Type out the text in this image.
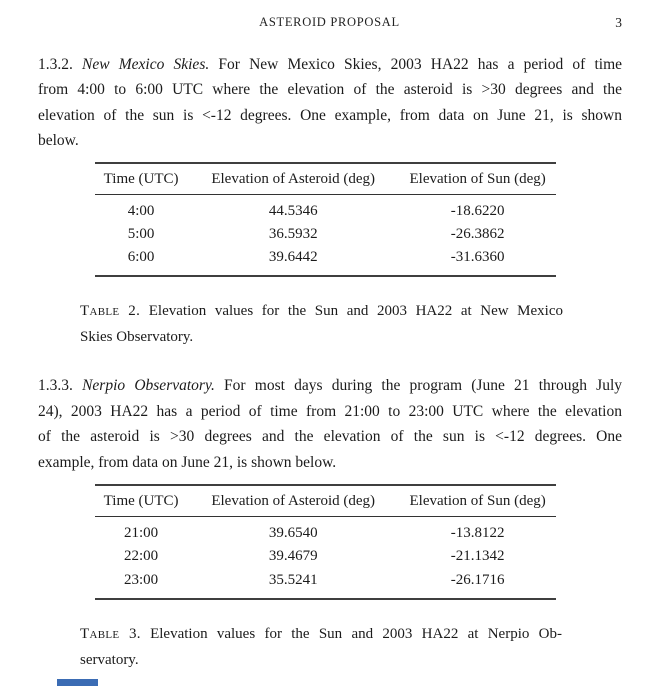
ASTEROID PROPOSAL	3
1.3.2. New Mexico Skies. For New Mexico Skies, 2003 HA22 has a period of time
from 4:00 to 6:00 UTC where the elevation of the asteroid is >30 degrees and the
elevation of the sun is <-12 degrees. One example, from data on June 21, is shown
below.
Time (UTC)	Elevation of Asteroid (deg)	Elevation of Sun (deg)
4:00	44.5346	-18.6220
5:00	36.5932	-26.3862
6:00	39.6442	-31.6360
Table 2. Elevation values for the Sun and 2003 HA22 at New Mexico
Skies Observatory.
1.3.3. Nerpio Observatory. For most days during the program (June 21 through July
24), 2003 HA22 has a period of time from 21:00 to 23:00 UTC where the elevation
of the asteroid is >30 degrees and the elevation of the sun is <-12 degrees. One
example, from data on June 21, is shown below.
Time (UTC)	Elevation of Asteroid (deg)	Elevation of Sun (deg)
21:00	39.6540	-13.8122
22:00	39.4679	-21.1342
23:00	35.5241	-26.1716
Table 3. Elevation values for the Sun and 2003 HA22 at Nerpio Ob-
servatory.
